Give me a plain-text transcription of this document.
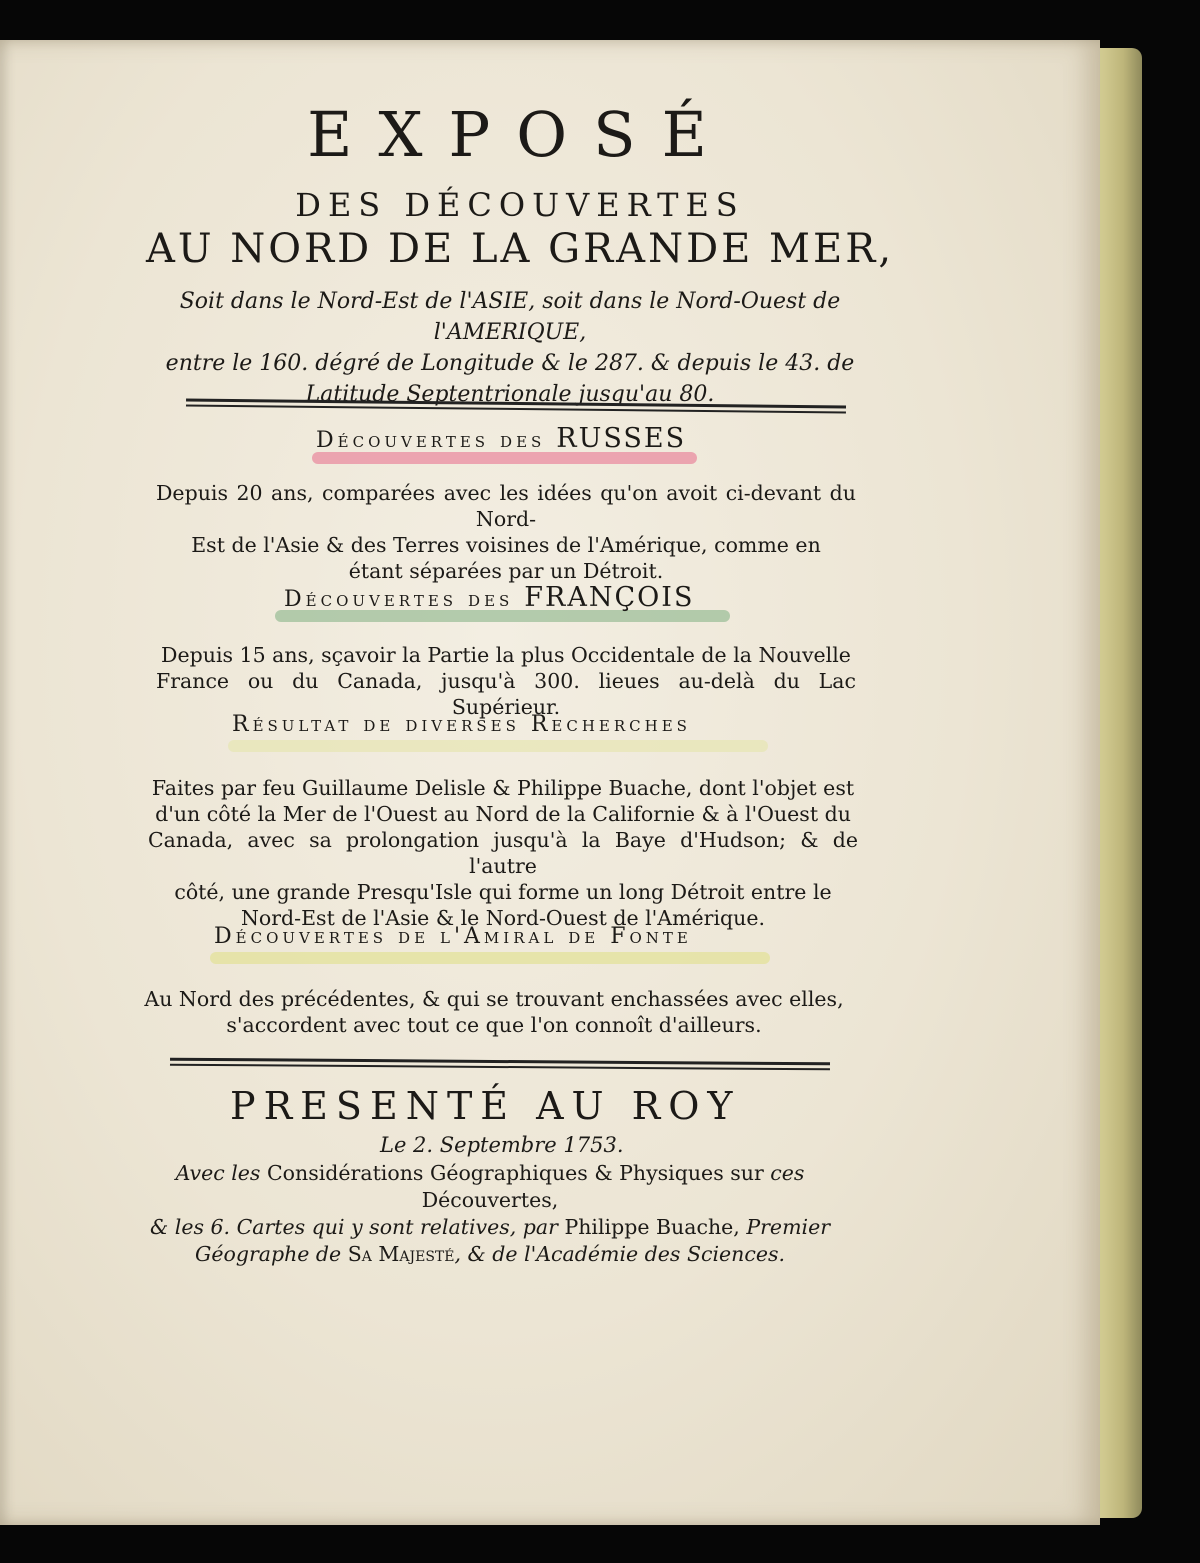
EXPOSÉ
DES DÉCOUVERTES
AU NORD DE LA GRANDE MER,
Soit dans le Nord-Est de l'ASIE, soit dans le Nord-Ouest de l'AMERIQUE,
entre le 160. dégré de Longitude & le 287. & depuis le 43. de
Latitude Septentrionale jusqu'au 80.
Découvertes des RUSSES
Depuis 20 ans, comparées avec les idées qu'on avoit ci-devant du Nord-
Est de l'Asie & des Terres voisines de l'Amérique, comme en
étant séparées par un Détroit.
Découvertes des FRANÇOIS
Depuis 15 ans, sçavoir la Partie la plus Occidentale de la Nouvelle
France ou du Canada, jusqu'à 300. lieues au-delà du Lac Supérieur.
Résultat de diverses Recherches
Faites par feu Guillaume Delisle & Philippe Buache, dont l'objet est
d'un côté la Mer de l'Ouest au Nord de la Californie & à l'Ouest du
Canada, avec sa prolongation jusqu'à la Baye d'Hudson; & de l'autre
côté, une grande Presqu'Isle qui forme un long Détroit entre le
Nord-Est de l'Asie & le Nord-Ouest de l'Amérique.
Découvertes de l'Amiral de Fonte
Au Nord des précédentes, & qui se trouvant enchassées avec elles,
s'accordent avec tout ce que l'on connoît d'ailleurs.
PRESENTÉ AU ROY
Le 2. Septembre 1753.
Avec les Considérations Géographiques & Physiques sur ces Découvertes,
& les 6. Cartes qui y sont relatives, par Philippe Buache, Premier
Géographe de Sa Majesté, & de l'Académie des Sciences.
